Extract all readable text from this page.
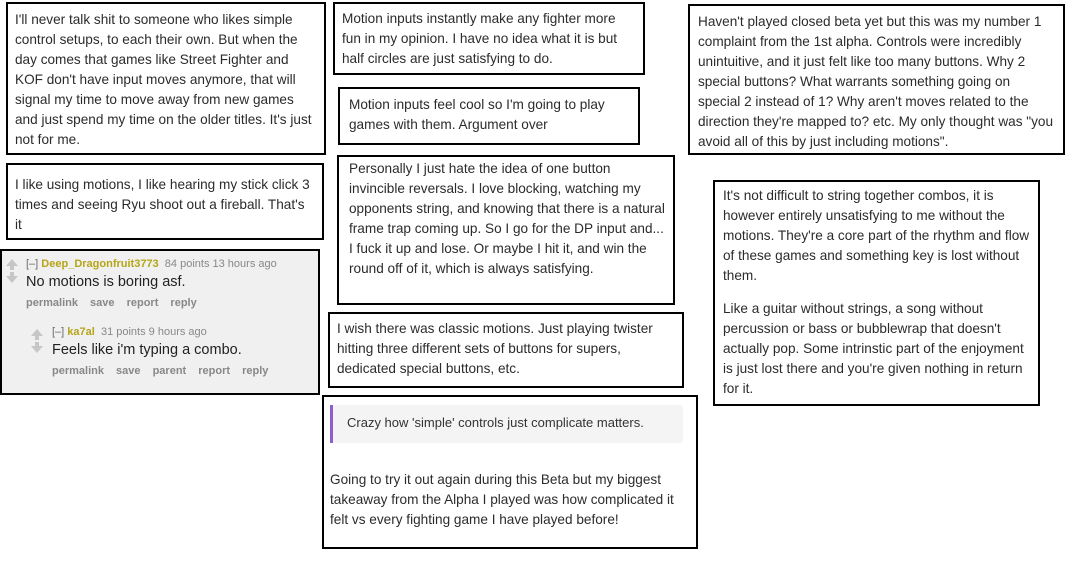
I'll never talk shit to someone who likes simple control setups, to each their own. But when the day comes that games like Street Fighter and KOF don't have input moves anymore, that will signal my time to move away from new games and just spend my time on the older titles. It's just not for me.

Motion inputs instantly make any fighter more fun in my opinion. I have no idea what it is but half circles are just satisfying to do.

Motion inputs feel cool so I'm going to play games with them. Argument over

Haven't played closed beta yet but this was my number 1 complaint from the 1st alpha. Controls were incredibly unintuitive, and it just felt like too many buttons. Why 2 special buttons? What warrants something going on special 2 instead of 1? Why aren't moves related to the direction they're mapped to? etc. My only thought was "you avoid all of this by just including motions".

I like using motions, I like hearing my stick click 3 times and seeing Ryu shoot out a fireball. That's it

Personally I just hate the idea of one button invincible reversals. I love blocking, watching my opponents string, and knowing that there is a natural frame trap coming up. So I go for the DP input and... I fuck it up and lose. Or maybe I hit it, and win the round off of it, which is always satisfying.

It's not difficult to string together combos, it is however entirely unsatisfying to me without the motions. They're a core part of the rhythm and flow of these games and something key is lost without them.

Like a guitar without strings, a song without percussion or bass or bubblewrap that doesn't actually pop. Some intrinstic part of the enjoyment is just lost there and you're given nothing in return for it.

I wish there was classic motions. Just playing twister hitting three different sets of buttons for supers, dedicated special buttons, etc.

Crazy how 'simple' controls just complicate matters.
Going to try it out again during this Beta but my biggest takeaway from the Alpha I played was how complicated it felt vs every fighting game I have played before!
[–] Deep_Dragonfruit3773 84 points 13 hours ago
No motions is boring asf.
permalink save report reply
[–] ka7al 31 points 9 hours ago
Feels like i'm typing a combo.
permalink save parent report reply
